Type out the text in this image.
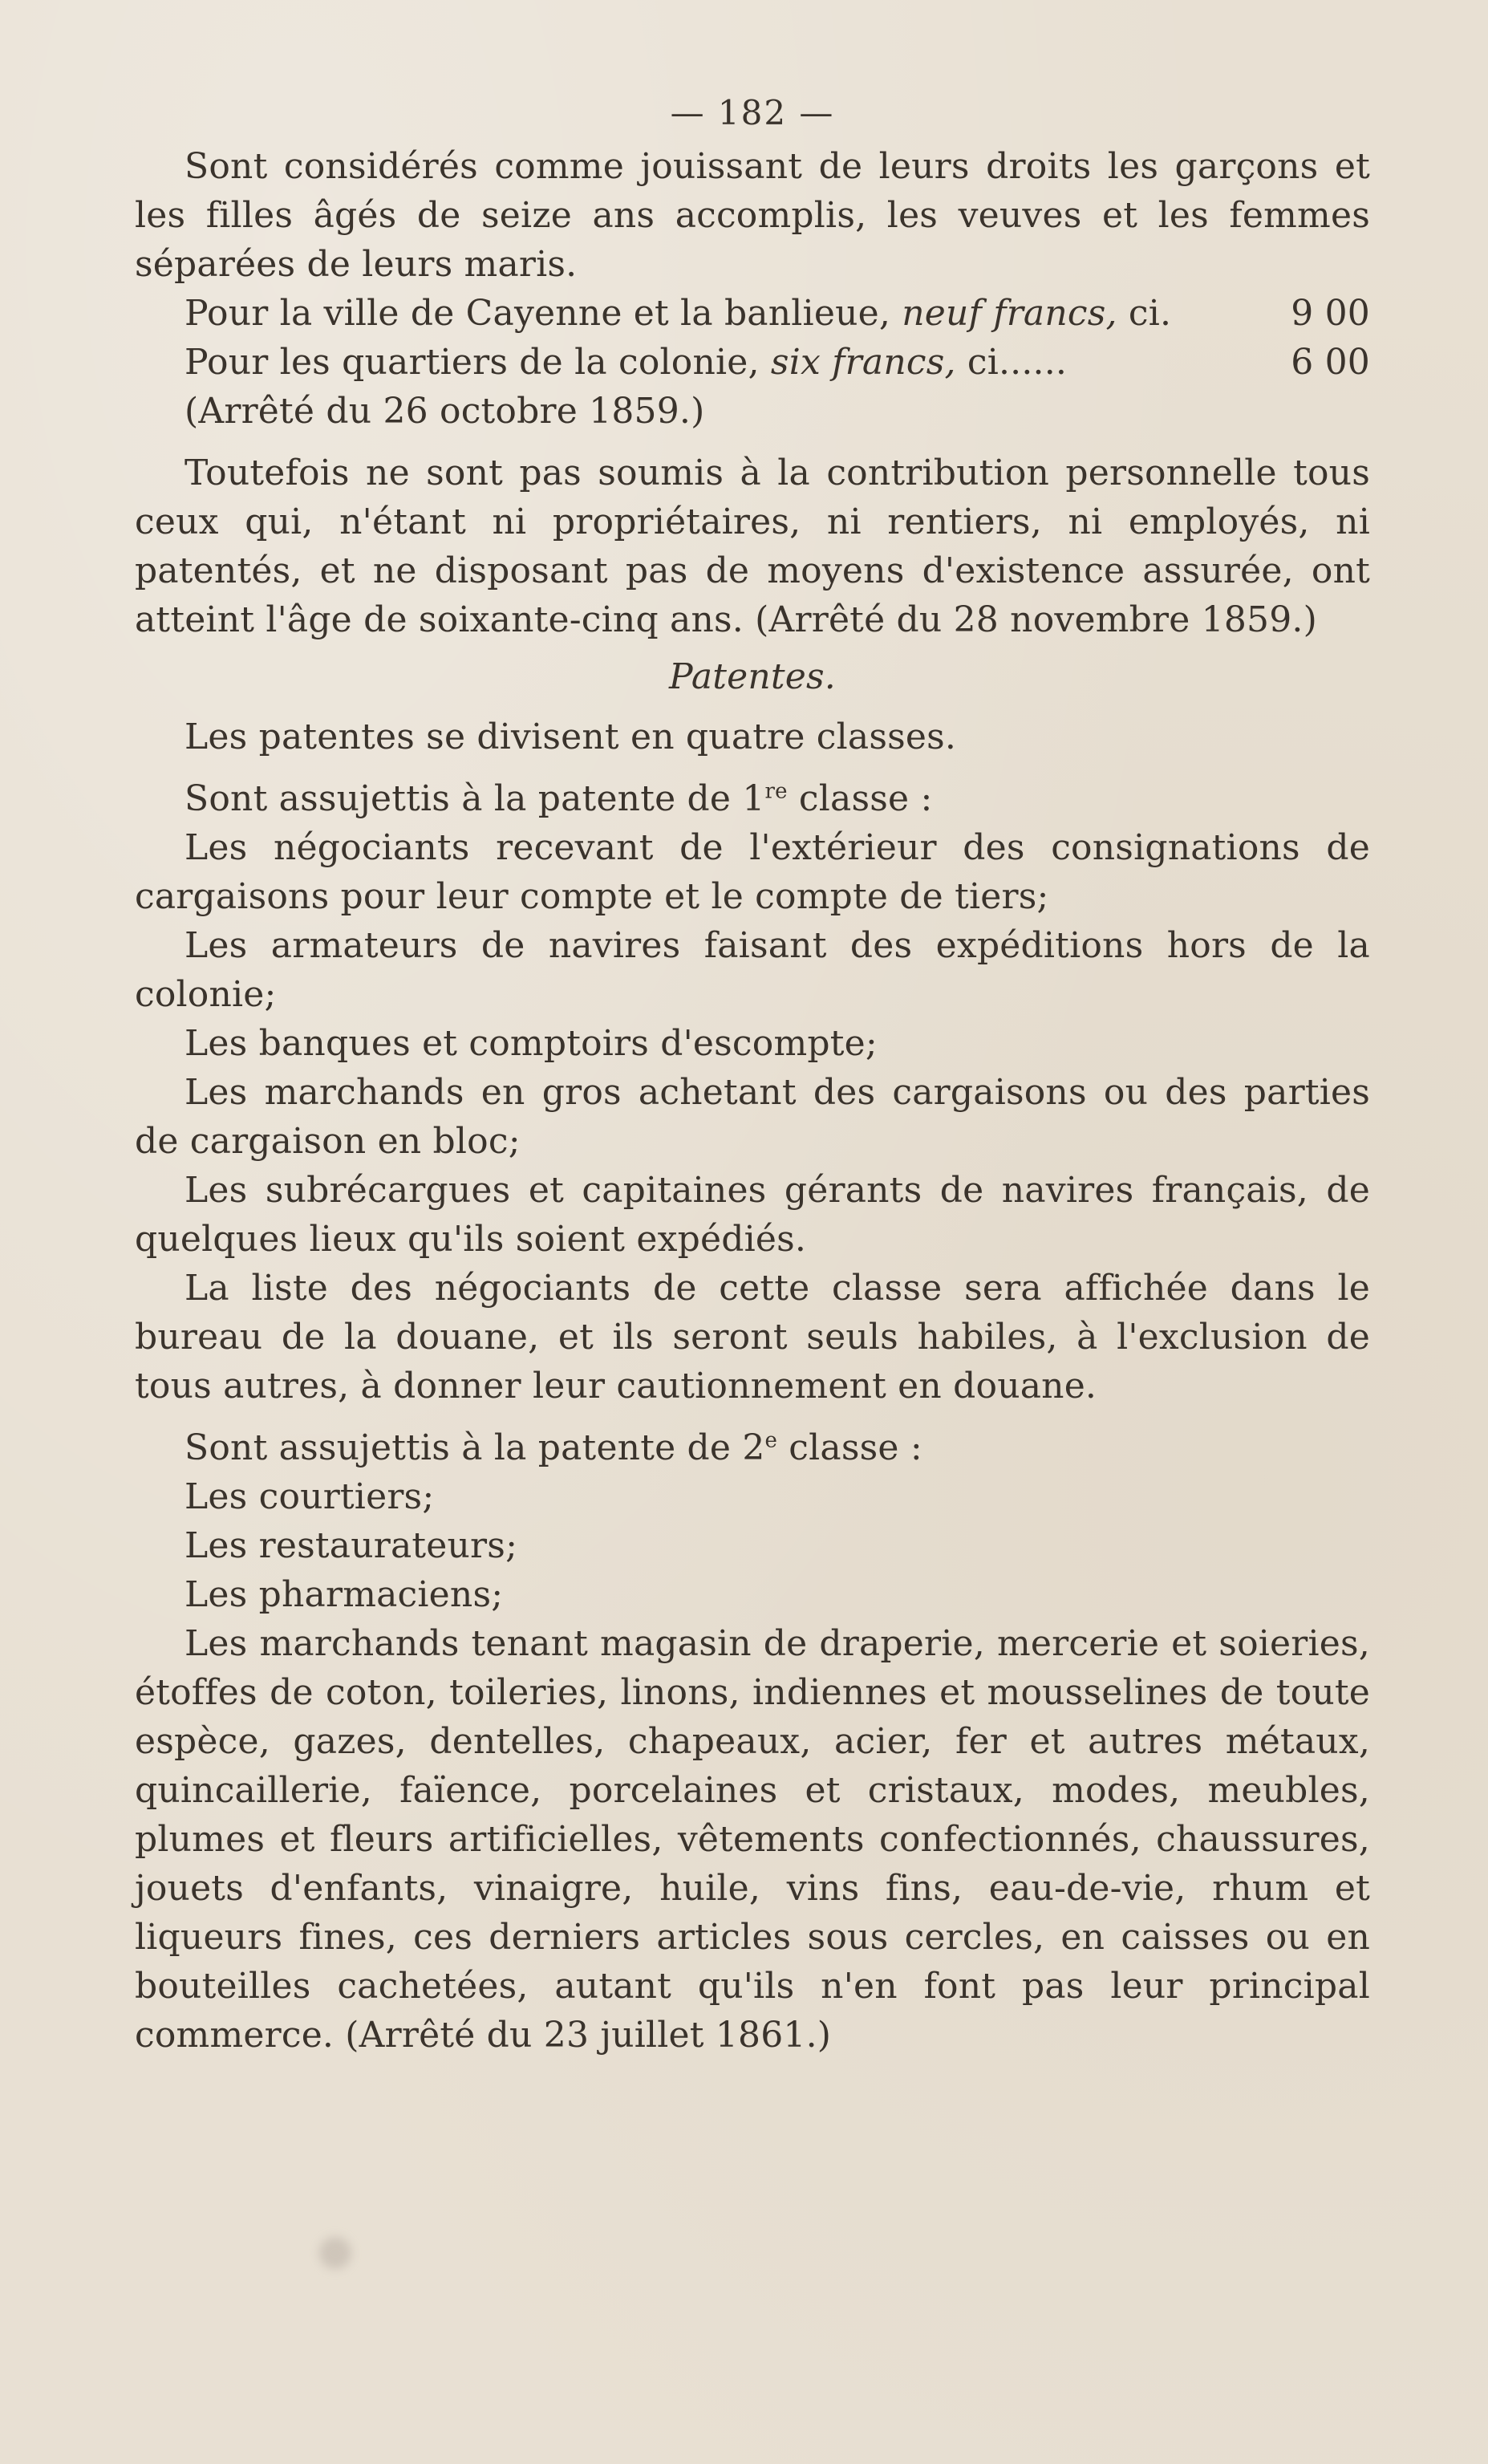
— 182 —

Sont considérés comme jouissant de leurs droits les garçons et les filles âgés de seize ans accomplis, les veuves et les femmes séparées de leurs maris.

Pour la ville de Cayenne et la banlieue, neuf francs, ci.	9 00
Pour les quartiers de la colonie, six francs, ci......	6 00

(Arrêté du 26 octobre 1859.)

Toutefois ne sont pas soumis à la contribution personnelle tous ceux qui, n'étant ni propriétaires, ni rentiers, ni employés, ni patentés, et ne disposant pas de moyens d'existence assurée, ont atteint l'âge de soixante-cinq ans. (Arrêté du 28 novembre 1859.)

Patentes.

Les patentes se divisent en quatre classes.

Sont assujettis à la patente de 1re classe :

Les négociants recevant de l'extérieur des consignations de cargaisons pour leur compte et le compte de tiers;

Les armateurs de navires faisant des expéditions hors de la colonie;

Les banques et comptoirs d'escompte;

Les marchands en gros achetant des cargaisons ou des parties de cargaison en bloc;

Les subrécargues et capitaines gérants de navires français, de quelques lieux qu'ils soient expédiés.

La liste des négociants de cette classe sera affichée dans le bureau de la douane, et ils seront seuls habiles, à l'exclusion de tous autres, à donner leur cautionnement en douane.

Sont assujettis à la patente de 2e classe :

Les courtiers;

Les restaurateurs;

Les pharmaciens;

Les marchands tenant magasin de draperie, mercerie et soieries, étoffes de coton, toileries, linons, indiennes et mousselines de toute espèce, gazes, dentelles, chapeaux, acier, fer et autres métaux, quincaillerie, faïence, porcelaines et cristaux, modes, meubles, plumes et fleurs artificielles, vêtements confectionnés, chaussures, jouets d'enfants, vinaigre, huile, vins fins, eau-de-vie, rhum et liqueurs fines, ces derniers articles sous cercles, en caisses ou en bouteilles cachetées, autant qu'ils n'en font pas leur principal commerce. (Arrêté du 23 juillet 1861.)
